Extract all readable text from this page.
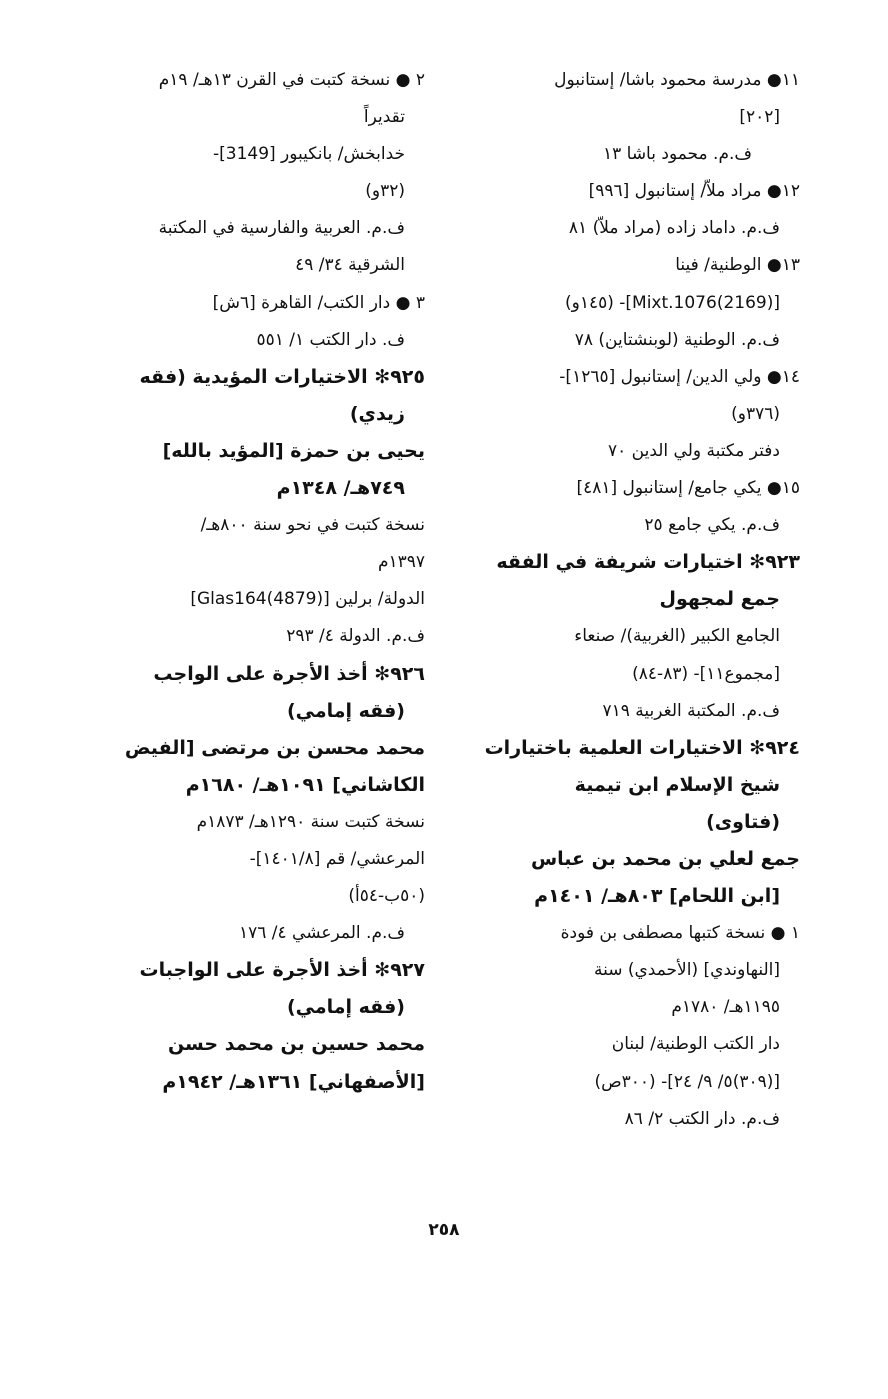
١١● مدرسة محمود باشا/ إستانبول
[٢٠٢]
ف.م. محمود باشا ١٣
١٢● مراد ملاّ/ إستانبول [٩٩٦]
ف.م. داماد زاده (مراد ملاّ) ٨١
١٣● الوطنية/ فينا
[(2169)Mixt.1076]- (١٤٥و)
ف.م. الوطنية (لوبنشتاين) ٧٨
١٤● ولي الدين/ إستانبول [١٢٦٥]-
(٣٧٦و)
دفتر مكتبة ولي الدين ٧٠
١٥● يكي جامع/ إستانبول [٤٨١]
ف.م. يكي جامع ٢٥
٩٢٣✻ اختيارات شريفة في الفقه
جمع لمجهول
الجامع الكبير (الغربية)/ صنعاء
[مجموع١١]- (٨٣-٨٤)
ف.م. المكتبة الغربية ٧١٩
٩٢٤✻ الاختيارات العلمية باختيارات
شيخ الإسلام ابن تيمية
(فتاوى)
جمع لعلي بن محمد بن عباس
[ابن اللحام] ٨٠٣هـ/ ١٤٠١م
١ ● نسخة كتبها مصطفى بن فودة
[النهاوندي] (الأحمدي) سنة
١١٩٥هـ/ ١٧٨٠م
دار الكتب الوطنية/ لبنان
[(٣٠٩)٥/ ٩/ ٢٤]- (٣٠٠ص)
ف.م. دار الكتب ٢/ ٨٦
٢ ● نسخة كتبت في القرن ١٣هـ/ ١٩م
تقديراً
خدابخش/ بانكيبور [3149]-
(٣٢و)
ف.م. العربية والفارسية في المكتبة
الشرقية ٣٤/ ٤٩
٣ ● دار الكتب/ القاهرة [٦ش]
ف. دار الكتب ١/ ٥٥١
٩٢٥✻ الاختيارات المؤيدية (فقه
زيدي)
يحيى بن حمزة [المؤيد بالله]
٧٤٩هـ/ ١٣٤٨م
نسخة كتبت في نحو سنة ٨٠٠هـ/
١٣٩٧م
الدولة/ برلين [(4879)Glas164]
ف.م. الدولة ٤/ ٢٩٣
٩٢٦✻ أخذ الأجرة على الواجب
(فقه إمامي)
محمد محسن بن مرتضى [الفيض
الكاشاني] ١٠٩١هـ/ ١٦٨٠م
نسخة كتبت سنة ١٢٩٠هـ/ ١٨٧٣م
المرعشي/ قم [١٤٠١/٨]-
(٥٠ب-٥٤أ)
ف.م. المرعشي ٤/ ١٧٦
٩٢٧✻ أخذ الأجرة على الواجبات
(فقه إمامي)
محمد حسين بن محمد حسن
[الأصفهاني] ١٣٦١هـ/ ١٩٤٢م
٢٥٨
